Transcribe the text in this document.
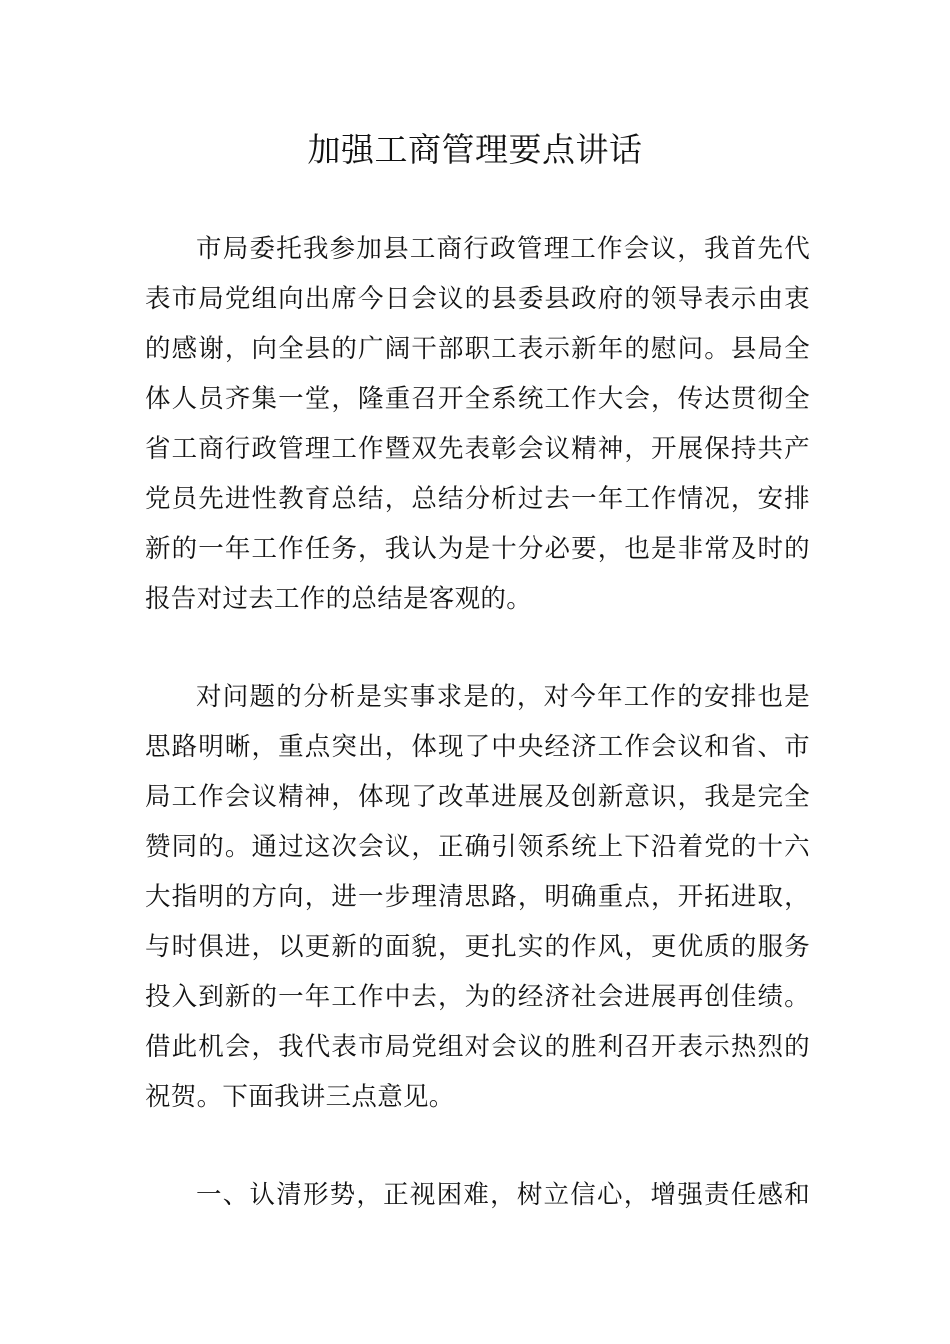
加强工商管理要点讲话
市局委托我参加县工商行政管理工作会议，我首先代
表市局党组向出席今日会议的县委县政府的领导表示由衷
的感谢，向全县的广阔干部职工表示新年的慰问。县局全
体人员齐集一堂，隆重召开全系统工作大会，传达贯彻全
省工商行政管理工作暨双先表彰会议精神，开展保持共产
党员先进性教育总结，总结分析过去一年工作情况，安排
新的一年工作任务，我认为是十分必要，也是非常及时的
报告对过去工作的总结是客观的。
对问题的分析是实事求是的，对今年工作的安排也是
思路明晰，重点突出，体现了中央经济工作会议和省、市
局工作会议精神，体现了改革进展及创新意识，我是完全
赞同的。通过这次会议，正确引领系统上下沿着党的十六
大指明的方向，进一步理清思路，明确重点，开拓进取，
与时俱进，以更新的面貌，更扎实的作风，更优质的服务
投入到新的一年工作中去，为的经济社会进展再创佳绩。
借此机会，我代表市局党组对会议的胜利召开表示热烈的
祝贺。下面我讲三点意见。
一、认清形势，正视困难，树立信心，增强责任感和
